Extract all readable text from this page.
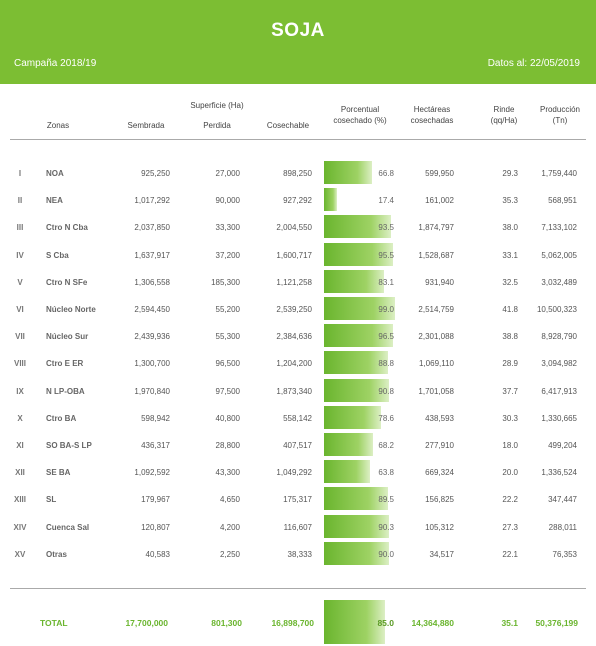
SOJA
Campaña 2018/19	Datos al: 22/05/2019
Superficie (Ha)
Zonas	Sembrada	Perdida	Cosechable
Porcentual
cosechado (%)
Hectáreas
cosechadas
Rinde
(qq/Ha)
Producción
(Tn)
I	NOA	925,250	27,000	898,250	66.8	599,950	29.3	1,759,440
II	NEA	1,017,292	90,000	927,292	17.4	161,002	35.3	568,951
III	Ctro N Cba	2,037,850	33,300	2,004,550	93.5	1,874,797	38.0	7,133,102
IV	S Cba	1,637,917	37,200	1,600,717	95.5	1,528,687	33.1	5,062,005
V	Ctro N SFe	1,306,558	185,300	1,121,258	83.1	931,940	32.5	3,032,489
VI	Núcleo Norte	2,594,450	55,200	2,539,250	99.0	2,514,759	41.8	10,500,323
VII	Núcleo Sur	2,439,936	55,300	2,384,636	96.5	2,301,088	38.8	8,928,790
VIII	Ctro E ER	1,300,700	96,500	1,204,200	88.8	1,069,110	28.9	3,094,982
IX	N LP-OBA	1,970,840	97,500	1,873,340	90.8	1,701,058	37.7	6,417,913
X	Ctro BA	598,942	40,800	558,142	78.6	438,593	30.3	1,330,665
XI	SO BA-S LP	436,317	28,800	407,517	68.2	277,910	18.0	499,204
XII	SE BA	1,092,592	43,300	1,049,292	63.8	669,324	20.0	1,336,524
XIII	SL	179,967	4,650	175,317	89.5	156,825	22.2	347,447
XIV	Cuenca Sal	120,807	4,200	116,607	90.3	105,312	27.3	288,011
XV	Otras	40,583	2,250	38,333	90.0	34,517	22.1	76,353
TOTAL	17,700,000	801,300	16,898,700	85.0	14,364,880	35.1	50,376,199
